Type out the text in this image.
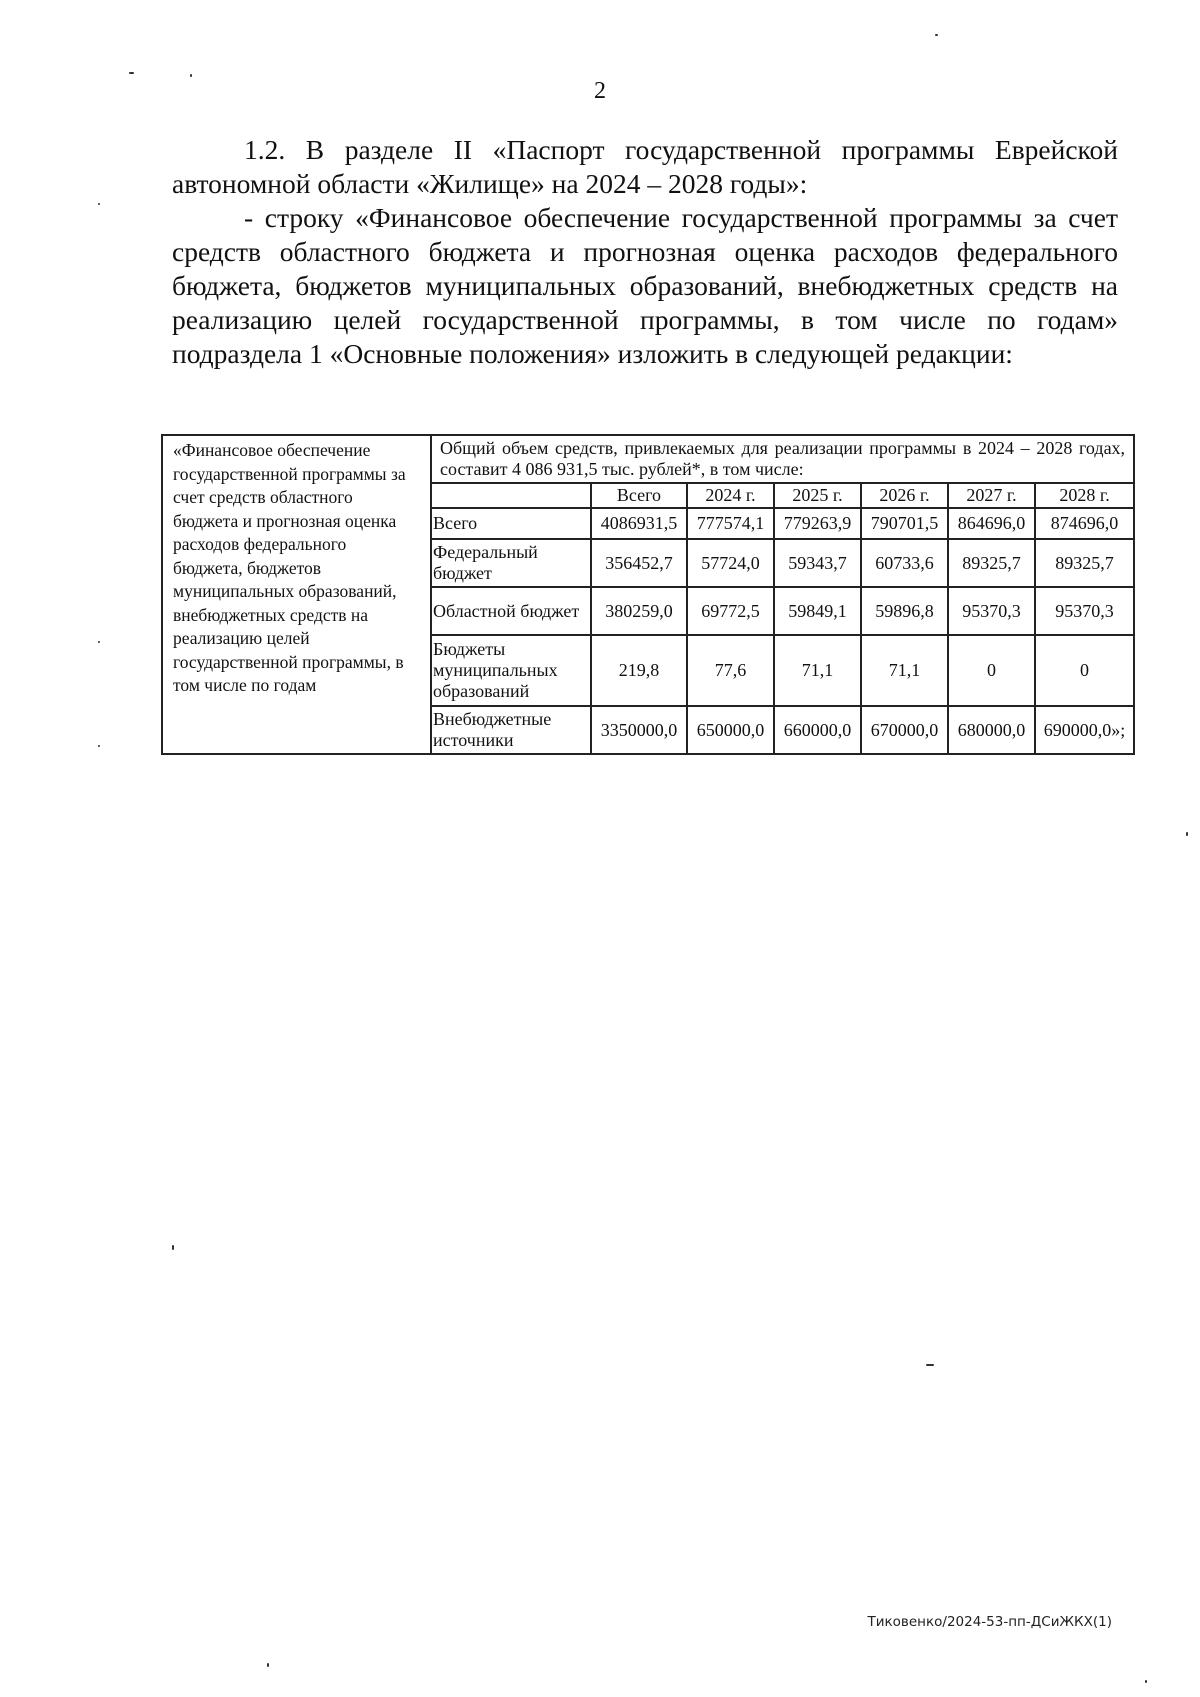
2

1.2. В разделе II «Паспорт государственной программы Еврейской автономной области «Жилище» на 2024 – 2028 годы»:

- строку «Финансовое обеспечение государственной программы за счет средств областного бюджета и прогнозная оценка расходов федерального бюджета, бюджетов муниципальных образований, внебюджетных средств на реализацию целей государственной программы, в том числе по годам» подраздела 1 «Основные положения» изложить в следующей редакции:

«Финансовое обеспечение государственной программы за счет средств областного бюджета и прогнозная оценка расходов федерального бюджета, бюджетов муниципальных образований, внебюджетных средств на реализацию целей государственной программы, в том числе по годам	Общий объем средств, привлекаемых для реализации программы в 2024 – 2028 годах, составит 4 086 931,5 тыс. рублей*, в том числе:						
		Всего	2024 г.	2025 г.	2026 г.	2027 г.	2028 г.
	Всего	4086931,5	777574,1	779263,9	790701,5	864696,0	874696,0
	Федеральный бюджет	356452,7	57724,0	59343,7	60733,6	89325,7	89325,7
	Областной бюджет	380259,0	69772,5	59849,1	59896,8	95370,3	95370,3
	Бюджеты муниципальных образований	219,8	77,6	71,1	71,1	0	0
	Внебюджетные источники	3350000,0	650000,0	660000,0	670000,0	680000,0	690000,0»;
Тиковенко/2024-53-пп-ДСиЖКХ(1)
